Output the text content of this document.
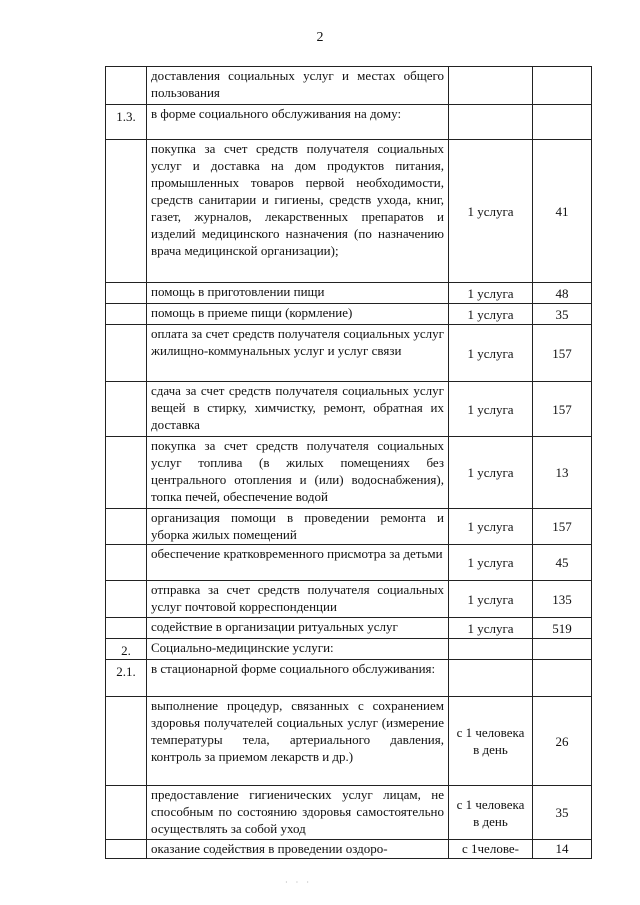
2
	доставления социальных услуг и местах общего пользования		
1.3.	в форме социального обслуживания на дому:		
	покупка за счет средств получателя социальных услуг и доставка на дом продуктов питания, промышленных товаров первой необходимости, средств санитарии и гигиены, средств ухода, книг, газет, журналов, лекарственных препаратов и изделий медицинского назначения (по назначению врача медицинской организации);	1 услуга	41
	помощь в приготовлении пищи	1 услуга	48
	помощь в приеме пищи (кормление)	1 услуга	35
	оплата за счет средств получателя социальных услуг жилищно-коммунальных услуг и услуг связи	1 услуга	157
	сдача за счет средств получателя социальных услуг вещей в стирку, химчистку, ремонт, обратная их доставка	1 услуга	157
	покупка за счет средств получателя социальных услуг топлива (в жилых помещениях без центрального отопления и (или) водоснабжения), топка печей, обеспечение водой	1 услуга	13
	организация помощи в проведении ремонта и уборка жилых помещений	1 услуга	157
	обеспечение кратковременного присмотра за детьми	1 услуга	45
	отправка за счет средств получателя социальных услуг почтовой корреспонденции	1 услуга	135
	содействие в организации ритуальных услуг	1 услуга	519
2.	Социально-медицинские услуги:		
2.1.	в стационарной форме социального обслуживания:		
	выполнение процедур, связанных с сохранением здоровья получателей социальных услуг (измерение температуры тела, артериального давления, контроль за приемом лекарств и др.)	с 1 человека в день	26
	предоставление гигиенических услуг лицам, не способным по состоянию здоровья самостоятельно осуществлять за собой уход	с 1 человека в день	35
	оказание содействия в проведении оздоро-	с 1челове-	14
· · ·
